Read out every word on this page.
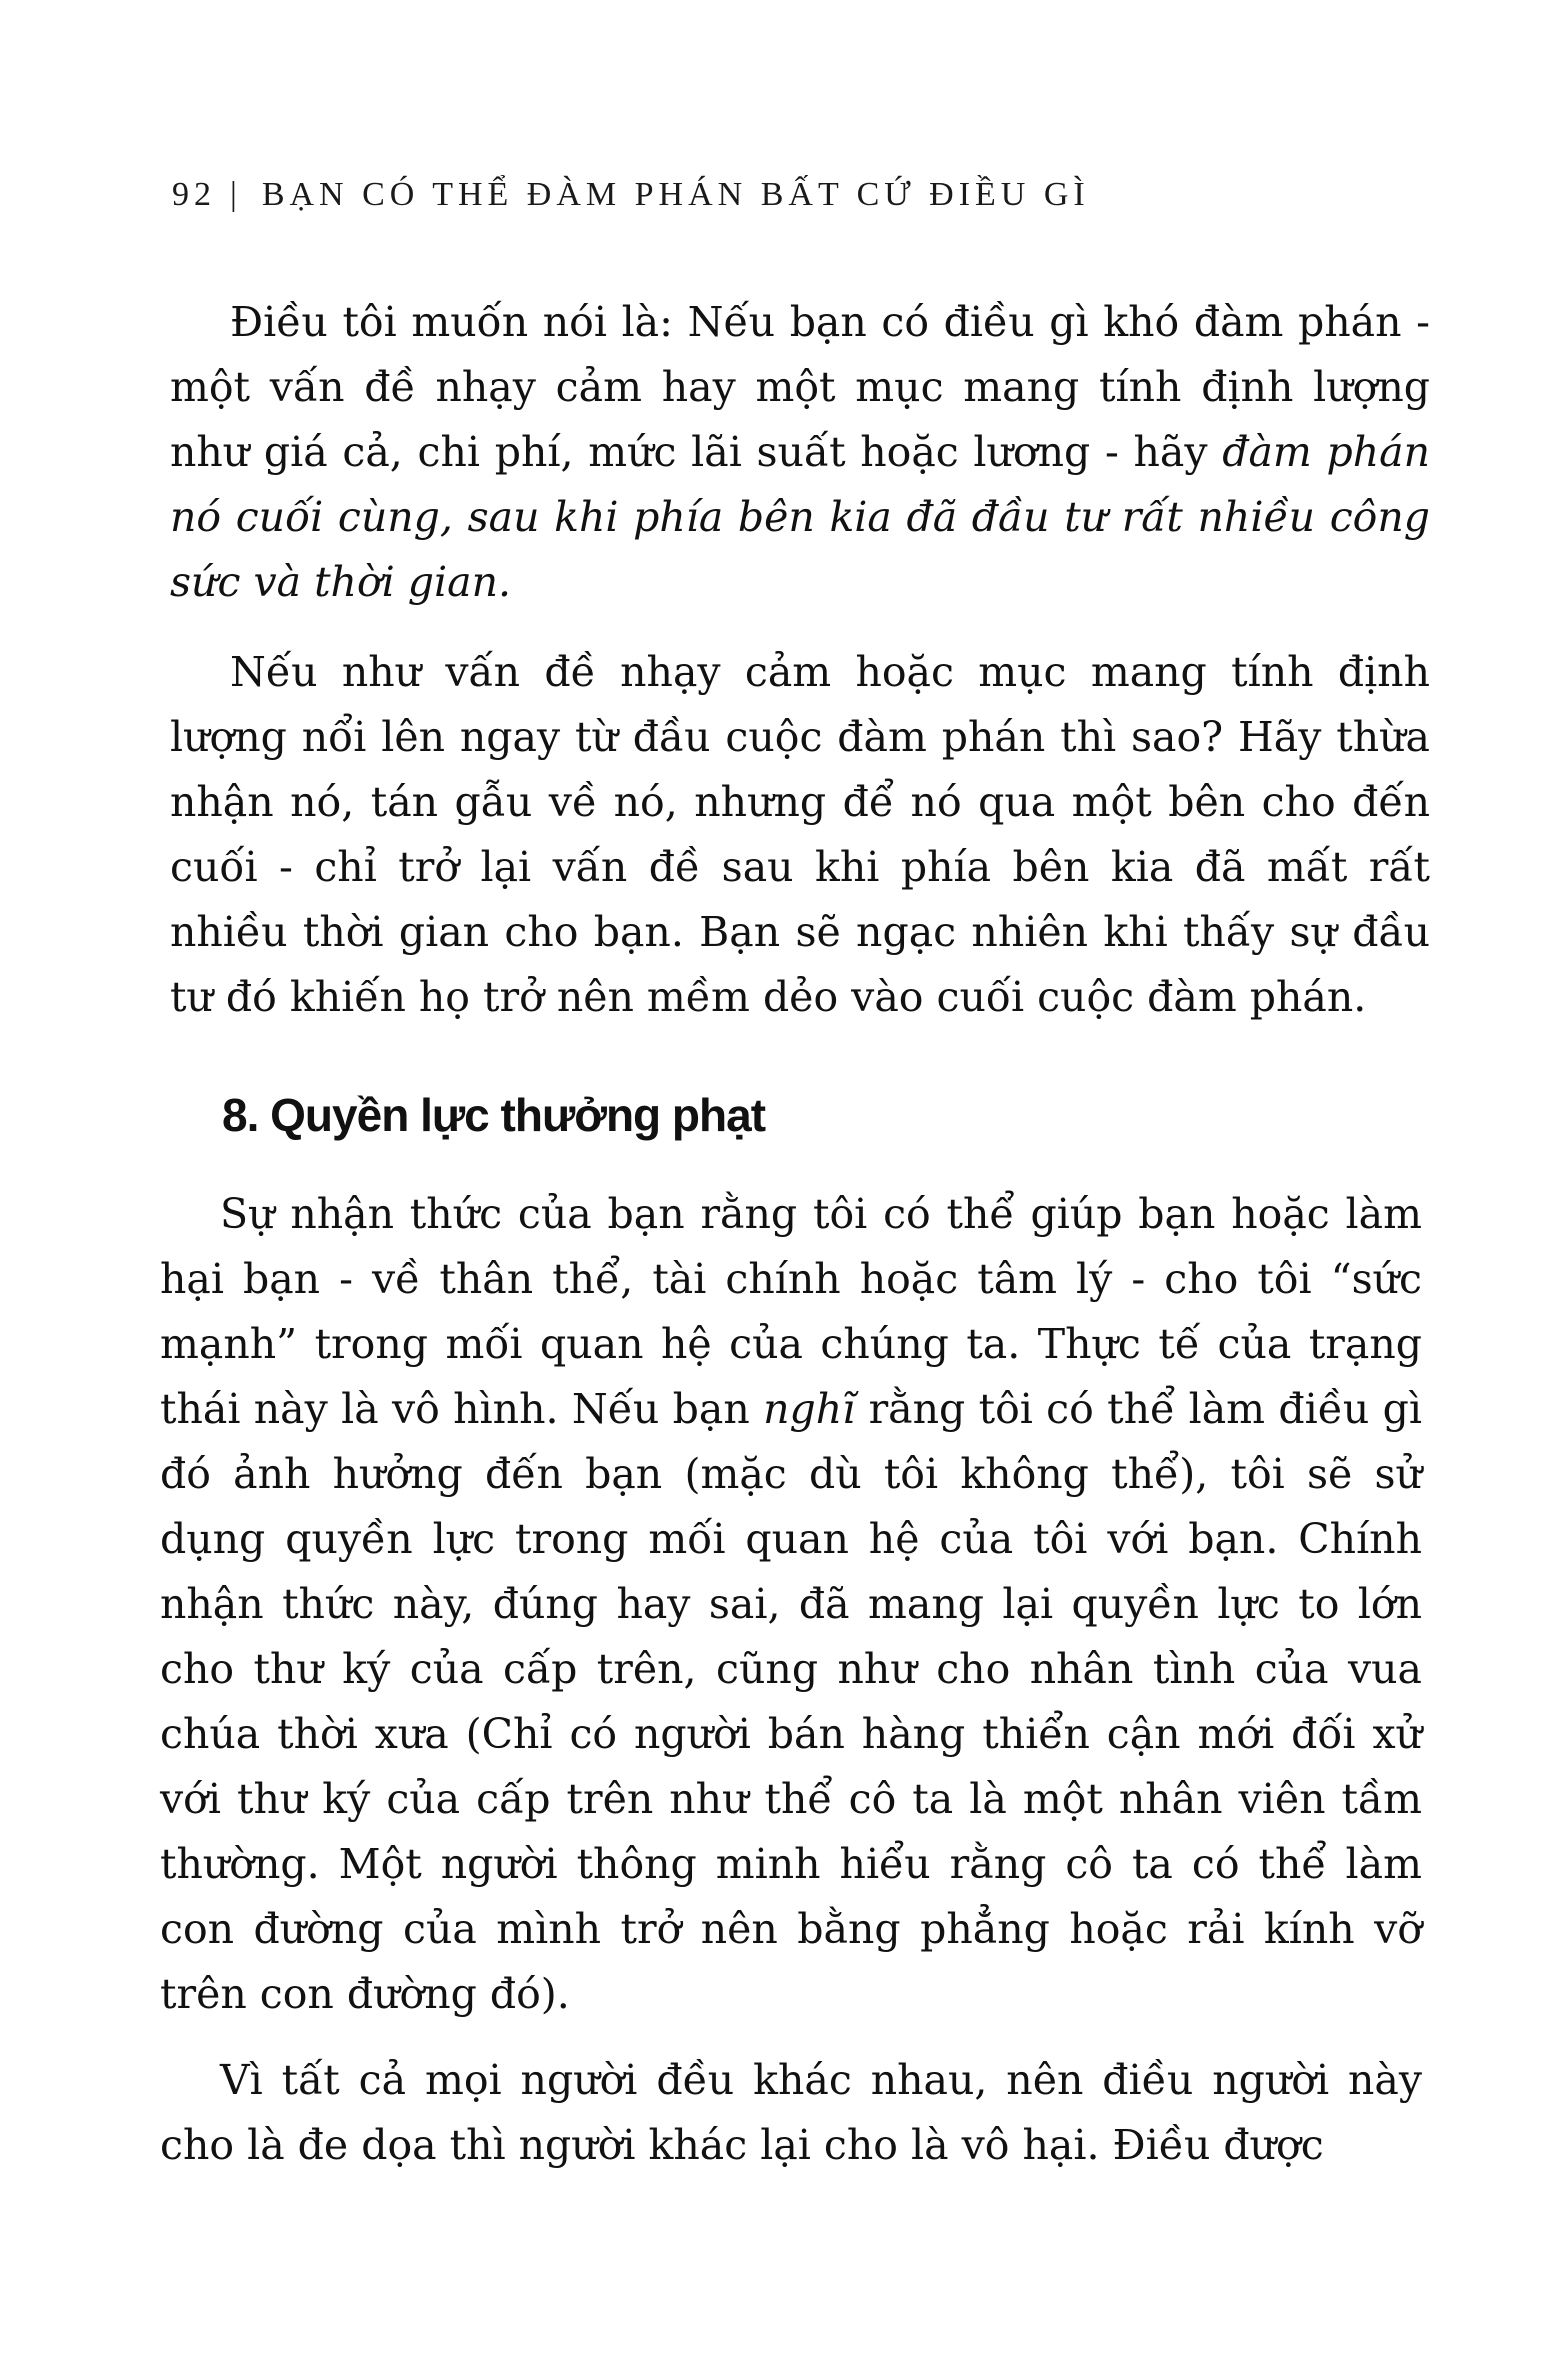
92 | BẠN CÓ THỂ ĐÀM PHÁN BẤT CỨ ĐIỀU GÌ

Điều tôi muốn nói là: Nếu bạn có điều gì khó đàm phán - một vấn đề nhạy cảm hay một mục mang tính định lượng như giá cả, chi phí, mức lãi suất hoặc lương - hãy đàm phán nó cuối cùng, sau khi phía bên kia đã đầu tư rất nhiều công sức và thời gian.

Nếu như vấn đề nhạy cảm hoặc mục mang tính định lượng nổi lên ngay từ đầu cuộc đàm phán thì sao? Hãy thừa nhận nó, tán gẫu về nó, nhưng để nó qua một bên cho đến cuối - chỉ trở lại vấn đề sau khi phía bên kia đã mất rất nhiều thời gian cho bạn. Bạn sẽ ngạc nhiên khi thấy sự đầu tư đó khiến họ trở nên mềm dẻo vào cuối cuộc đàm phán.

8. Quyền lực thưởng phạt

Sự nhận thức của bạn rằng tôi có thể giúp bạn hoặc làm hại bạn - về thân thể, tài chính hoặc tâm lý - cho tôi “sức mạnh” trong mối quan hệ của chúng ta. Thực tế của trạng thái này là vô hình. Nếu bạn nghĩ rằng tôi có thể làm điều gì đó ảnh hưởng đến bạn (mặc dù tôi không thể), tôi sẽ sử dụng quyền lực trong mối quan hệ của tôi với bạn. Chính nhận thức này, đúng hay sai, đã mang lại quyền lực to lớn cho thư ký của cấp trên, cũng như cho nhân tình của vua chúa thời xưa (Chỉ có người bán hàng thiển cận mới đối xử với thư ký của cấp trên như thể cô ta là một nhân viên tầm thường. Một người thông minh hiểu rằng cô ta có thể làm con đường của mình trở nên bằng phẳng hoặc rải kính vỡ trên con đường đó).

Vì tất cả mọi người đều khác nhau, nên điều người này cho là đe dọa thì người khác lại cho là vô hại. Điều được
